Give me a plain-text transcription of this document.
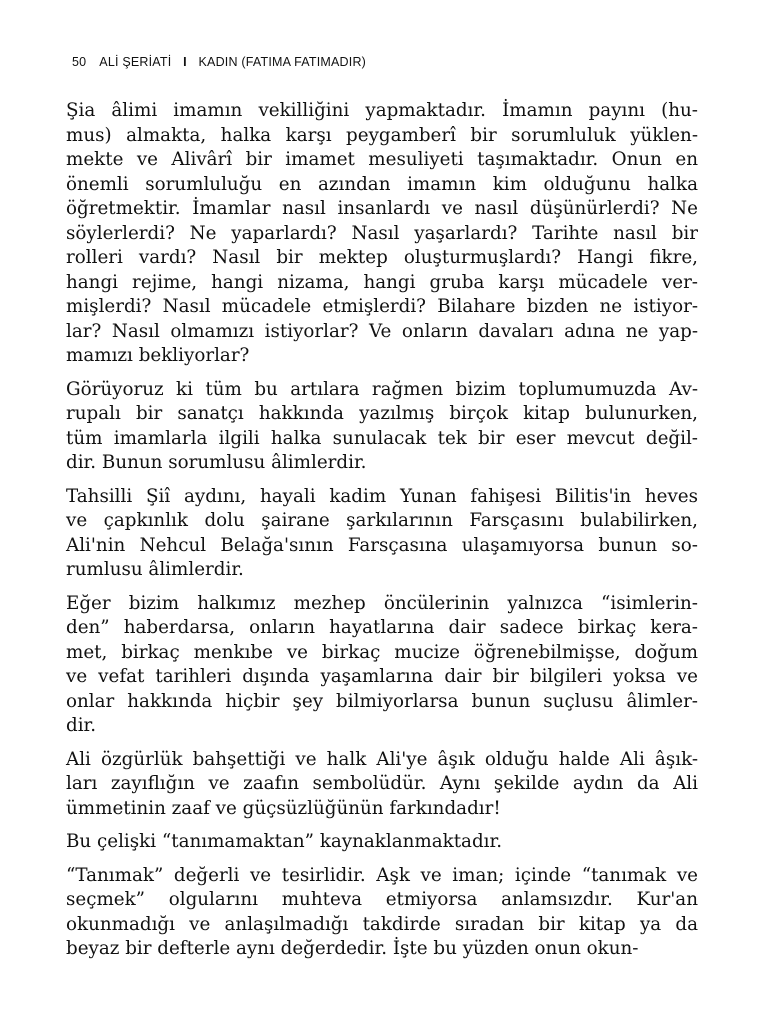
50 ALİ ŞERİATİ I KADIN (FATIMA FATIMADIR)

Şia âlimi imamın vekilliğini yapmaktadır. İmamın payını (hu-
mus) almakta, halka karşı peygamberî bir sorumluluk yüklen-
mekte ve Alivârî bir imamet mesuliyeti taşımaktadır. Onun en
önemli sorumluluğu en azından imamın kim olduğunu halka
öğretmektir. İmamlar nasıl insanlardı ve nasıl düşünürlerdi? Ne
söylerlerdi? Ne yaparlardı? Nasıl yaşarlardı? Tarihte nasıl bir
rolleri vardı? Nasıl bir mektep oluşturmuşlardı? Hangi fikre,
hangi rejime, hangi nizama, hangi gruba karşı mücadele ver-
mişlerdi? Nasıl mücadele etmişlerdi? Bilahare bizden ne istiyor-
lar? Nasıl olmamızı istiyorlar? Ve onların davaları adına ne yap-
mamızı bekliyorlar?

Görüyoruz ki tüm bu artılara rağmen bizim toplumumuzda Av-
rupalı bir sanatçı hakkında yazılmış birçok kitap bulunurken,
tüm imamlarla ilgili halka sunulacak tek bir eser mevcut değil-
dir. Bunun sorumlusu âlimlerdir.

Tahsilli Şiî aydını, hayali kadim Yunan fahişesi Bilitis'in heves
ve çapkınlık dolu şairane şarkılarının Farsçasını bulabilirken,
Ali'nin Nehcul Belağa'sının Farsçasına ulaşamıyorsa bunun so-
rumlusu âlimlerdir.

Eğer bizim halkımız mezhep öncülerinin yalnızca “isimlerin-
den” haberdarsa, onların hayatlarına dair sadece birkaç kera-
met, birkaç menkıbe ve birkaç mucize öğrenebilmişse, doğum
ve vefat tarihleri dışında yaşamlarına dair bir bilgileri yoksa ve
onlar hakkında hiçbir şey bilmiyorlarsa bunun suçlusu âlimler-
dir.

Ali özgürlük bahşettiği ve halk Ali'ye âşık olduğu halde Ali âşık-
ları zayıflığın ve zaafın sembolüdür. Aynı şekilde aydın da Ali
ümmetinin zaaf ve güçsüzlüğünün farkındadır!

Bu çelişki “tanımamaktan” kaynaklanmaktadır.

“Tanımak” değerli ve tesirlidir. Aşk ve iman; içinde “tanımak ve
seçmek” olgularını muhteva etmiyorsa anlamsızdır. Kur'an
okunmadığı ve anlaşılmadığı takdirde sıradan bir kitap ya da
beyaz bir defterle aynı değerdedir. İşte bu yüzden onun okun-
